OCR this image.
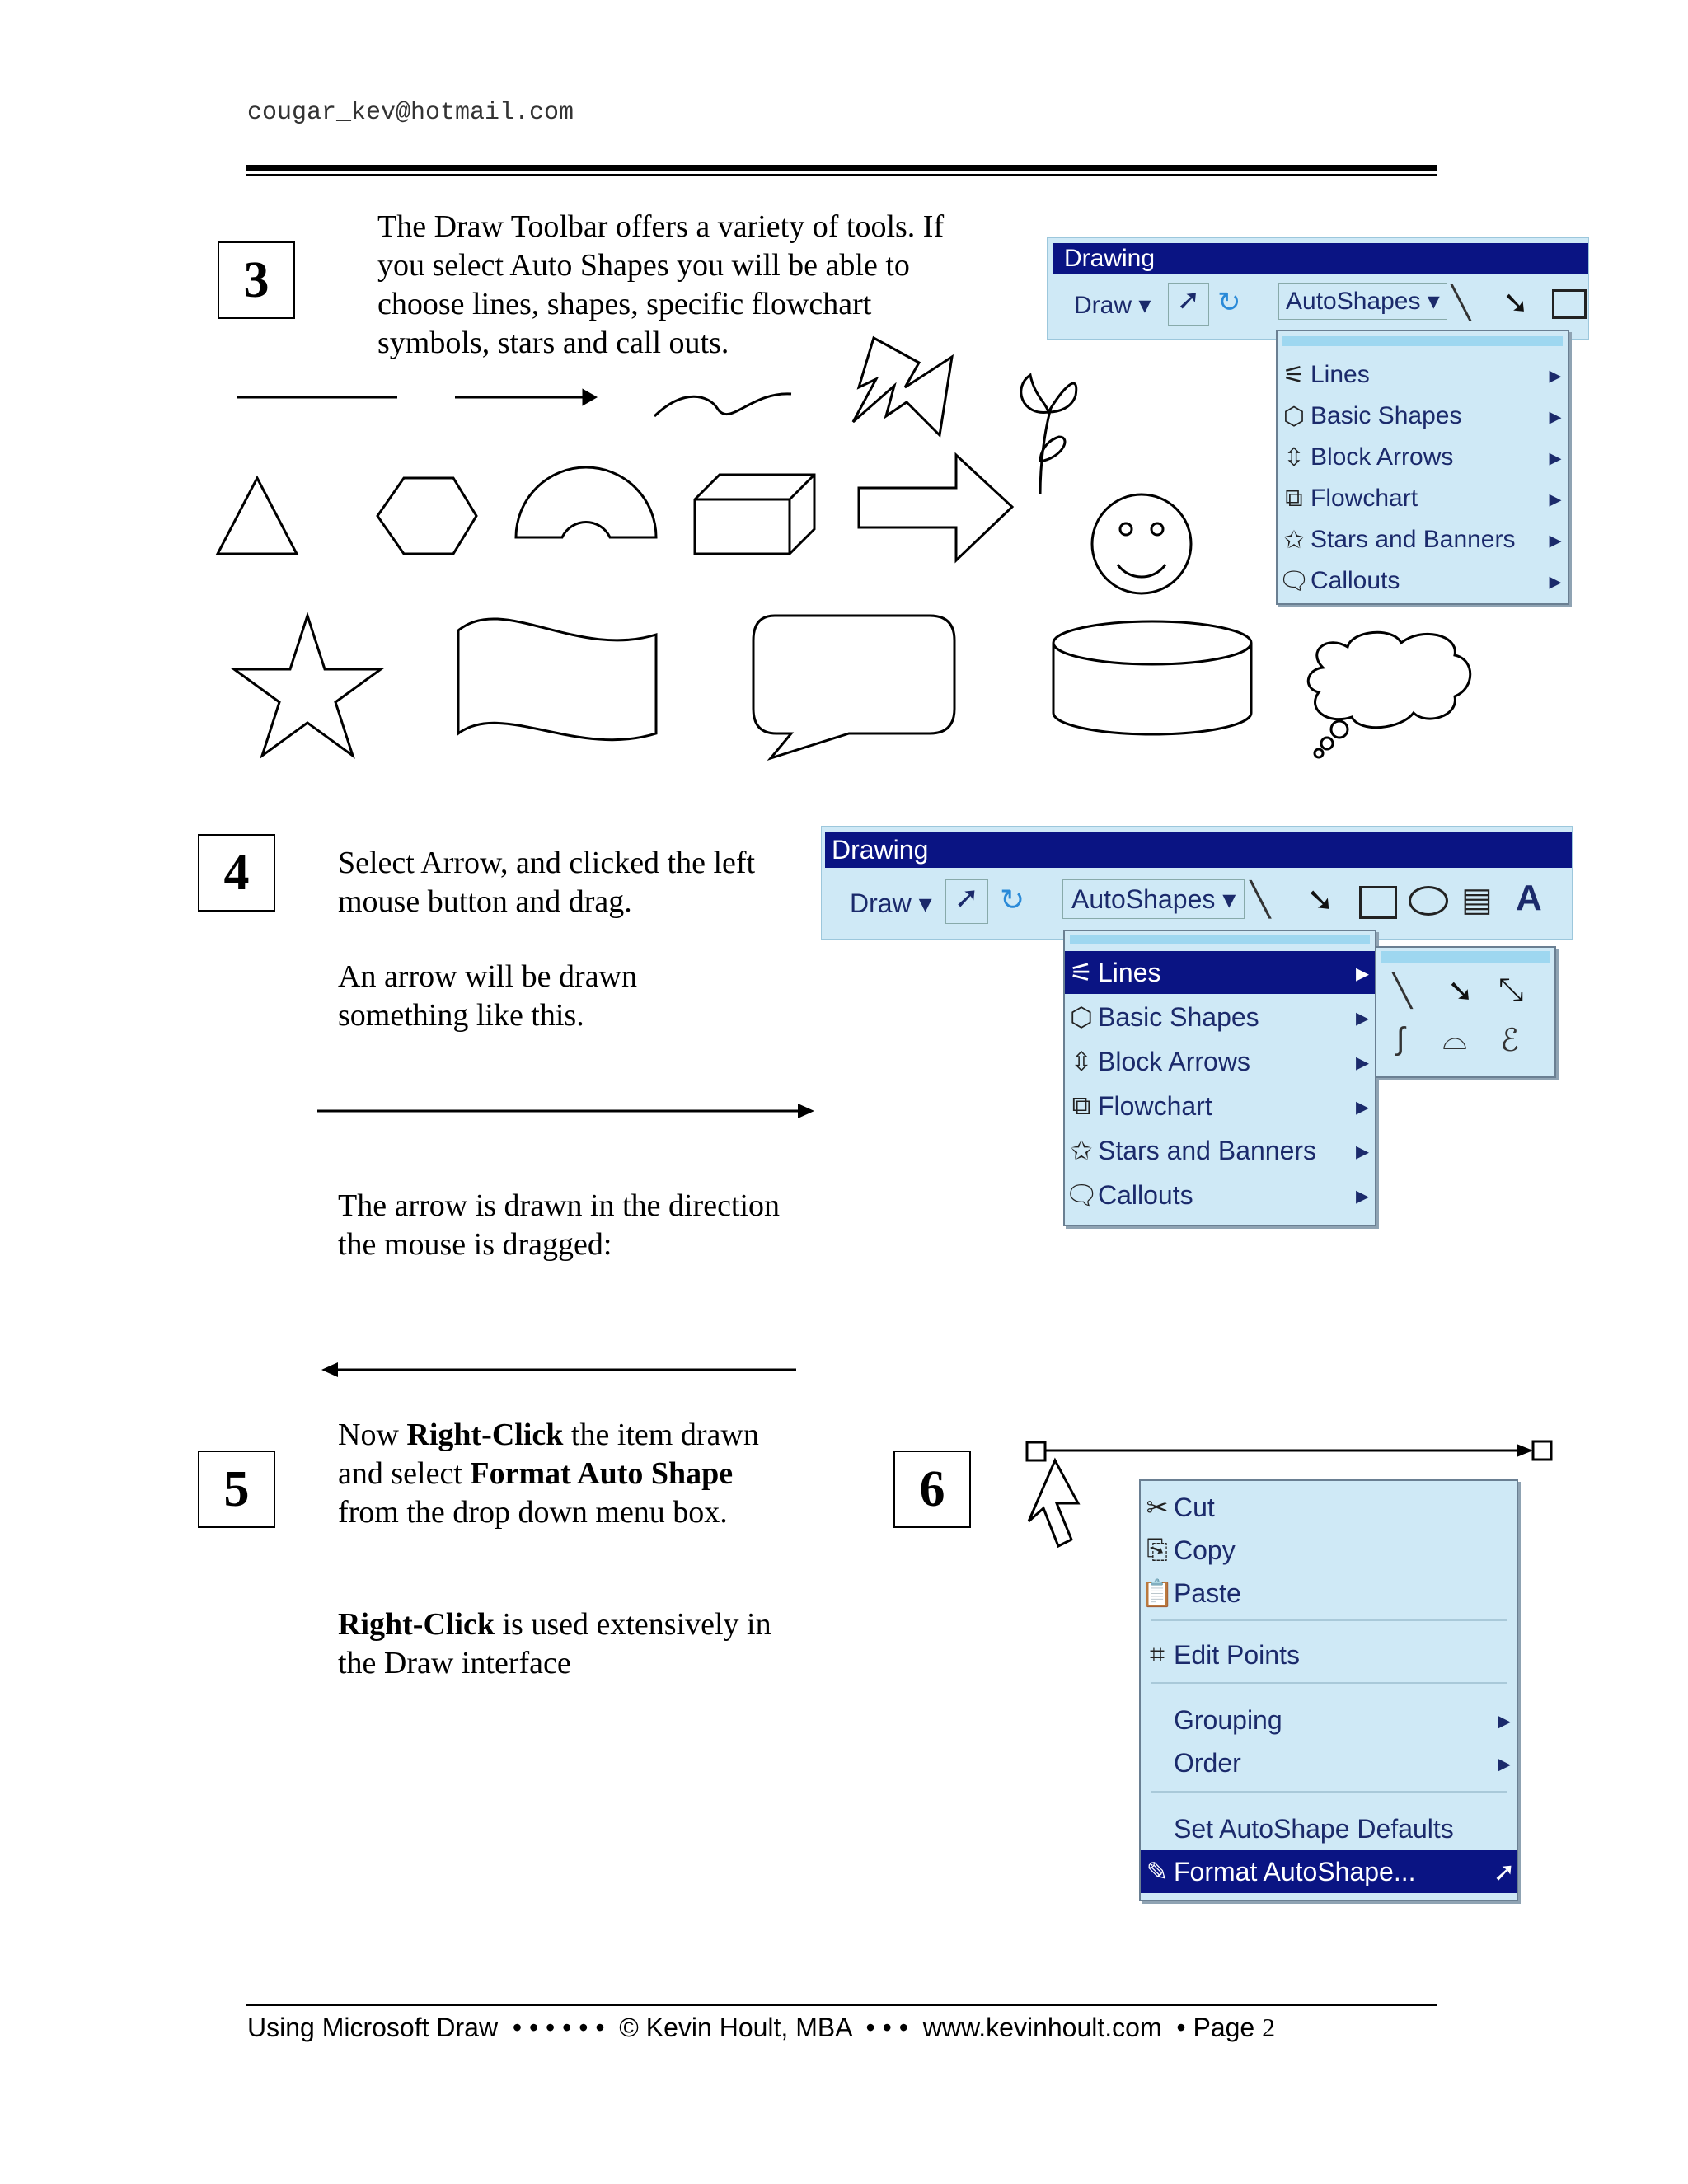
cougar_kev@hotmail.com
3
The Draw Toolbar offers a variety of tools. If you select Auto Shapes you will be able to choose lines, shapes, specific flowchart symbols, stars and call outs.
Drawing
Draw ▾ ➚ ↻	AutoShapes ▾ ╲ ➘
⚟ Lines	▸
⬡ Basic Shapes	▸
⇳ Block Arrows	▸
⧉ Flowchart	▸
✩ Stars and Banners	▸
🗨 Callouts	▸
4	Select Arrow, and clicked the left mouse button and drag.
An arrow will be drawn something like this.
The arrow is drawn in the direction the mouse is dragged:
Drawing
Draw ▾ ➚ ↻	AutoShapes ▾ ╲ ➘	▤ A
⚟ Lines	▸
⬡ Basic Shapes	▸
⇳ Block Arrows	▸
⧉ Flowchart	▸
✩ Stars and Banners	▸
🗨 Callouts	▸
╲ ➘ ⤡
∫ ⌓ ℰ
5
Now Right-Click the item drawn and select Format Auto Shape from the drop down menu box.
Right-Click is used extensively in the Draw interface
6	✂ Cut
⎘ Copy
📋 Paste
⌗ Edit Points
Grouping	▸
Order	▸
Set AutoShape Defaults
✎ Format AutoShape...	➚
Using Microsoft Draw • • • • • • © Kevin Hoult, MBA • • • www.kevinhoult.com • Page 2
